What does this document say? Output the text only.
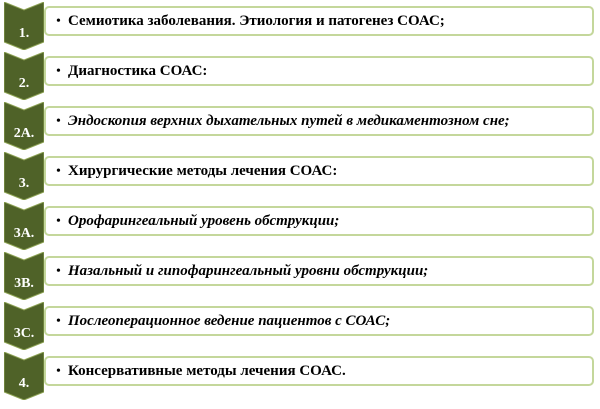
1.
• Семиотика заболевания. Этиология и патогенез СОАС;
2.
• Диагностика СОАС:
2А.
• Эндоскопия верхних дыхательных путей в медикаментозном сне;
3.
• Хирургические методы лечения СОАС:
3А.
• Орофарингеальный уровень обструкции;
3В.
• Назальный и гипофарингеальный уровни обструкции;
3С.
• Послеоперационное ведение пациентов с СОАС;
4.
• Консервативные методы лечения СОАС.
